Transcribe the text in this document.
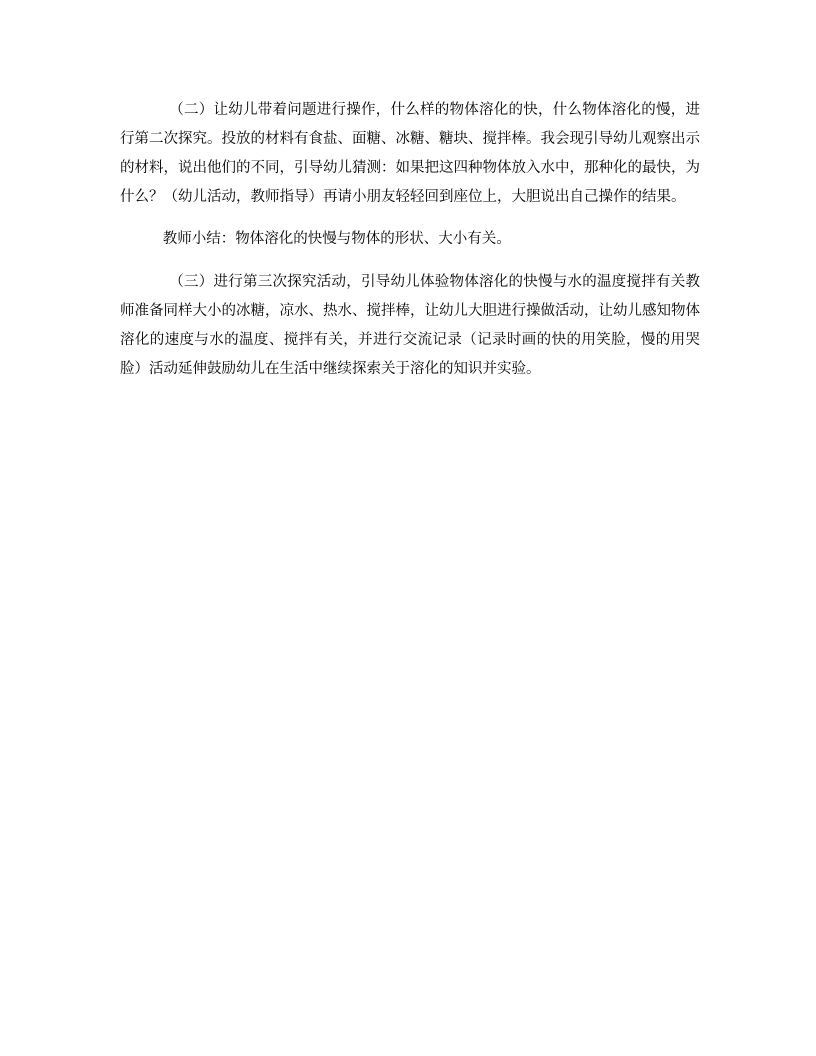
（二）让幼儿带着问题进行操作，什么样的物体溶化的快，什么物体溶化的慢，进行第二次探究。投放的材料有食盐、面糖、冰糖、糖块、搅拌棒。我会现引导幼儿观察出示的材料，说出他们的不同，引导幼儿猜测：如果把这四种物体放入水中，那种化的最快，为什么？（幼儿活动，教师指导）再请小朋友轻轻回到座位上，大胆说出自己操作的结果。

教师小结：物体溶化的快慢与物体的形状、大小有关。

（三）进行第三次探究活动，引导幼儿体验物体溶化的快慢与水的温度搅拌有关教师准备同样大小的冰糖，凉水、热水、搅拌棒，让幼儿大胆进行操做活动，让幼儿感知物体溶化的速度与水的温度、搅拌有关，并进行交流记录（记录时画的快的用笑脸，慢的用哭脸）活动延伸鼓励幼儿在生活中继续探索关于溶化的知识并实验。
